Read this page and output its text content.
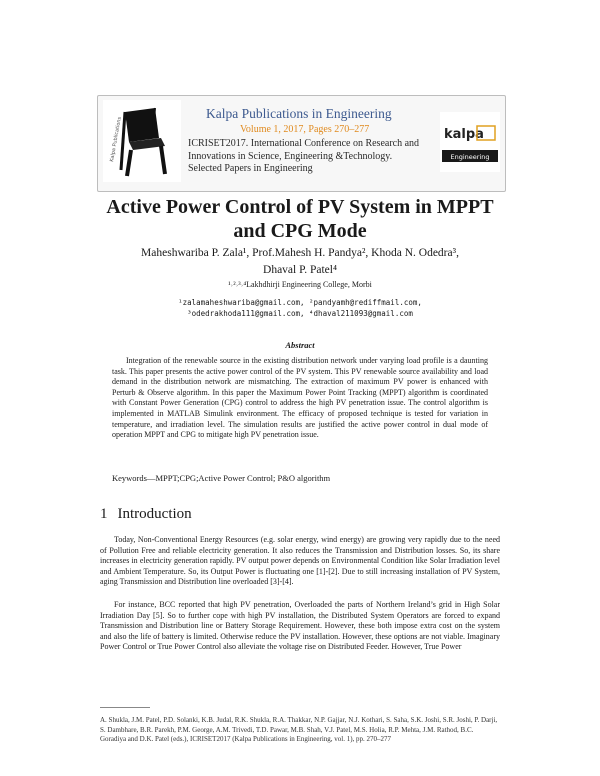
Kalpa Publications
Kalpa Publications in Engineering
Volume 1, 2017, Pages 270–277
ICRISET2017. International Conference on Research and Innovations in Science, Engineering &Technology. Selected Papers in Engineering
kalpa
Engineering
Active Power Control of PV System in MPPT
and CPG Mode
Maheshwariba P. Zala¹, Prof.Mahesh H. Pandya², Khoda N. Odedra³,
Dhaval P. Patel⁴
¹˒²˒³˒⁴Lakhdhirji Engineering College, Morbi
¹zalamaheshwariba@gmail.com, ²pandyamh@rediffmail.com,
³odedrakhoda111@gmail.com, ⁴dhaval211093@gmail.com
Abstract
Integration of the renewable source in the existing distribution network under varying load profile is a daunting task. This paper presents the active power control of the PV system. This PV renewable source availability and load demand in the distribution network are mismatching. The extraction of maximum PV power is enhanced with Perturb & Observe algorithm. In this paper the Maximum Power Point Tracking (MPPT) algorithm is coordinated with Constant Power Generation (CPG) control to address the high PV penetration issue. The control algorithm is implemented in MATLAB Simulink environment. The efficacy of proposed technique is tested for variation in temperature, and irradiation level. The simulation results are justified the active power control in dual mode of operation MPPT and CPG to mitigate high PV penetration issue.
Keywords—MPPT;CPG;Active Power Control; P&O algorithm
1 Introduction
Today, Non-Conventional Energy Resources (e.g. solar energy, wind energy) are growing very rapidly due to the need of Pollution Free and reliable electricity generation. It also reduces the Transmission and Distribution losses. So, its share increases in electricity generation rapidly. PV output power depends on Environmental Condition like Solar Irradiation level and Ambient Temperature. So, its Output Power is fluctuating one [1]-[2]. Due to still increasing installation of PV System, aging Transmission and Distribution line overloaded [3]-[4].
For instance, BCC reported that high PV penetration, Overloaded the parts of Northern Ireland’s grid in High Solar Irradiation Day [5]. So to further cope with high PV installation, the Distributed System Operators are forced to expand Transmission and Distribution line or Battery Storage Requirement. However, these both impose extra cost on the system and also the life of battery is limited. Otherwise reduce the PV installation. However, these options are not viable. Imaginary Power Control or True Power Control also alleviate the voltage rise on Distributed Feeder. However, True Power
A. Shukla, J.M. Patel, P.D. Solanki, K.B. Judal, R.K. Shukla, R.A. Thakkar, N.P. Gajjar, N.J. Kothari, S. Saha, S.K. Joshi, S.R. Joshi, P. Darji, S. Dambhare, B.R. Parekh, P.M. George, A.M. Trivedi, T.D. Pawar, M.B. Shah, V.J. Patel, M.S. Holia, R.P. Mehta, J.M. Rathod, B.C. Goradiya and D.K. Patel (eds.), ICRISET2017 (Kalpa Publications in Engineering, vol. 1), pp. 270–277
